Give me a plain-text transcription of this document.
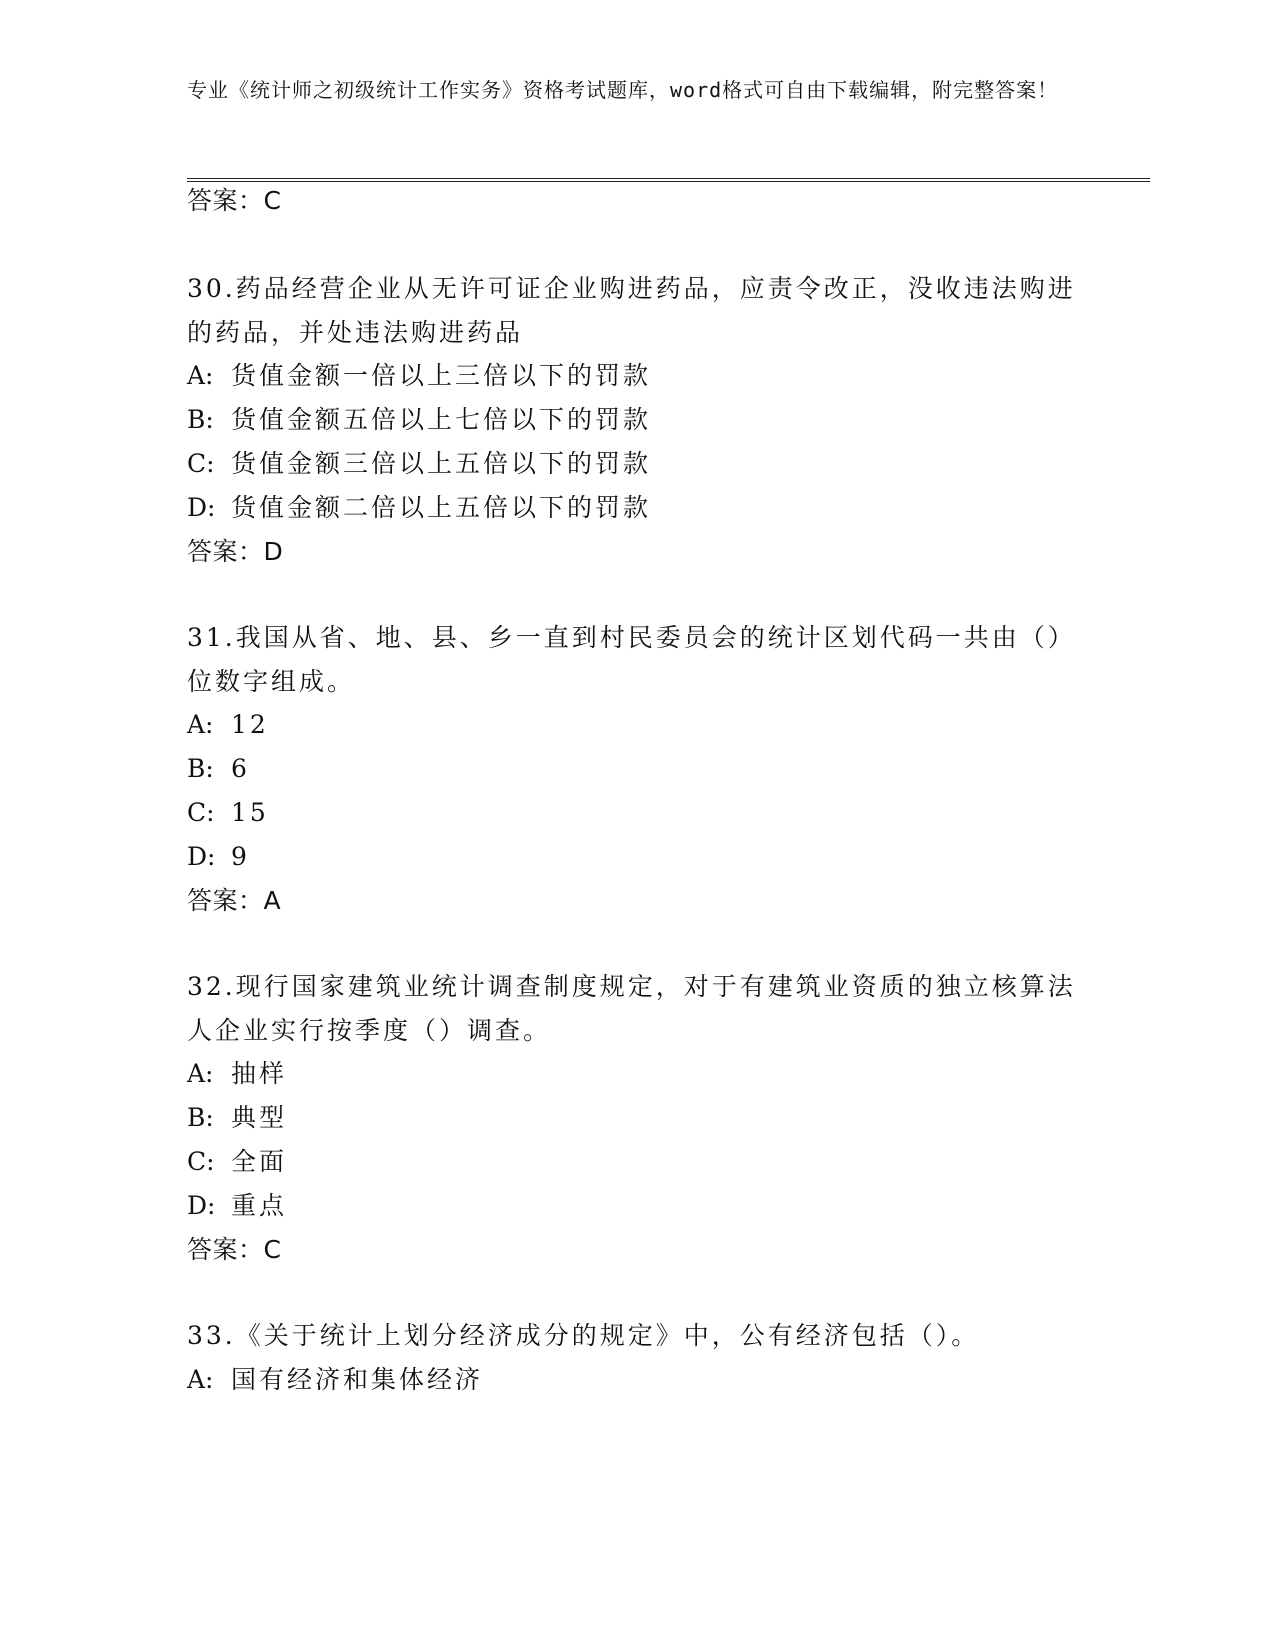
专业《统计师之初级统计工作实务》资格考试题库，word格式可自由下载编辑，附完整答案！
答案：C
30.药品经营企业从无许可证企业购进药品，应责令改正，没收违法购进的药品，并处违法购进药品
A: 货值金额一倍以上三倍以下的罚款
B: 货值金额五倍以上七倍以下的罚款
C: 货值金额三倍以上五倍以下的罚款
D: 货值金额二倍以上五倍以下的罚款
答案：D
31.我国从省、地、县、乡一直到村民委员会的统计区划代码一共由（）位数字组成。
A: 12
B: 6
C: 15
D: 9
答案：A
32.现行国家建筑业统计调查制度规定，对于有建筑业资质的独立核算法人企业实行按季度（）调查。
A: 抽样
B: 典型
C: 全面
D: 重点
答案：C
33.《关于统计上划分经济成分的规定》中，公有经济包括（）。
A: 国有经济和集体经济
